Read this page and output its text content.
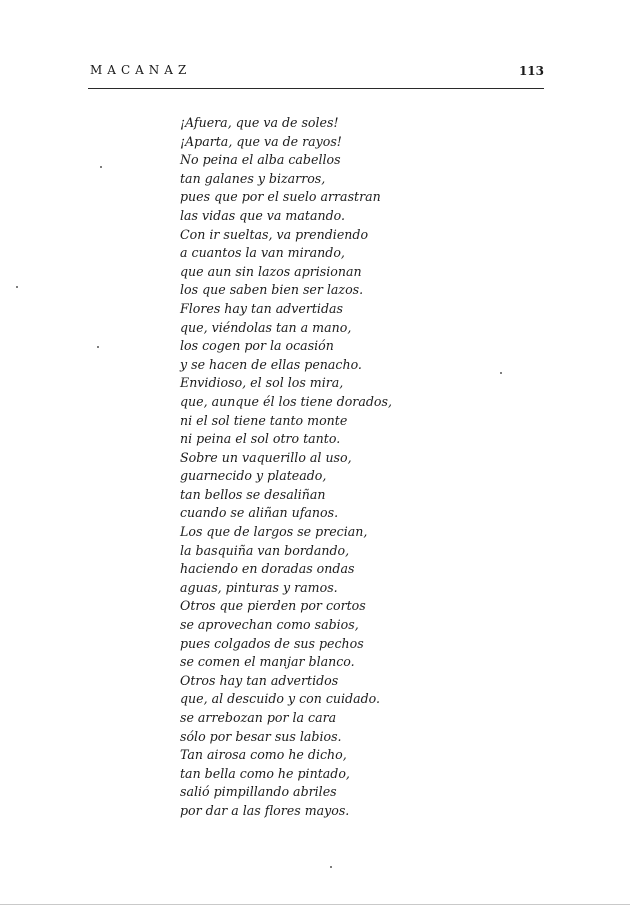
MACANAZ	113
¡Afuera, que va de soles!
¡Aparta, que va de rayos!
No peina el alba cabellos
tan galanes y bizarros,
pues que por el suelo arrastran
las vidas que va matando.
Con ir sueltas, va prendiendo
a cuantos la van mirando,
que aun sin lazos aprisionan
los que saben bien ser lazos.
Flores hay tan advertidas
que, viéndolas tan a mano,
los cogen por la ocasión
y se hacen de ellas penacho.
Envidioso, el sol los mira,
que, aunque él los tiene dorados,
ni el sol tiene tanto monte
ni peina el sol otro tanto.
Sobre un vaquerillo al uso,
guarnecido y plateado,
tan bellos se desaliñan
cuando se aliñan ufanos.
Los que de largos se precian,
la basquiña van bordando,
haciendo en doradas ondas
aguas, pinturas y ramos.
Otros que pierden por cortos
se aprovechan como sabios,
pues colgados de sus pechos
se comen el manjar blanco.
Otros hay tan advertidos
que, al descuido y con cuidado.
se arrebozan por la cara
sólo por besar sus labios.
Tan airosa como he dicho,
tan bella como he pintado,
salió pimpillando abriles
por dar a las flores mayos.
